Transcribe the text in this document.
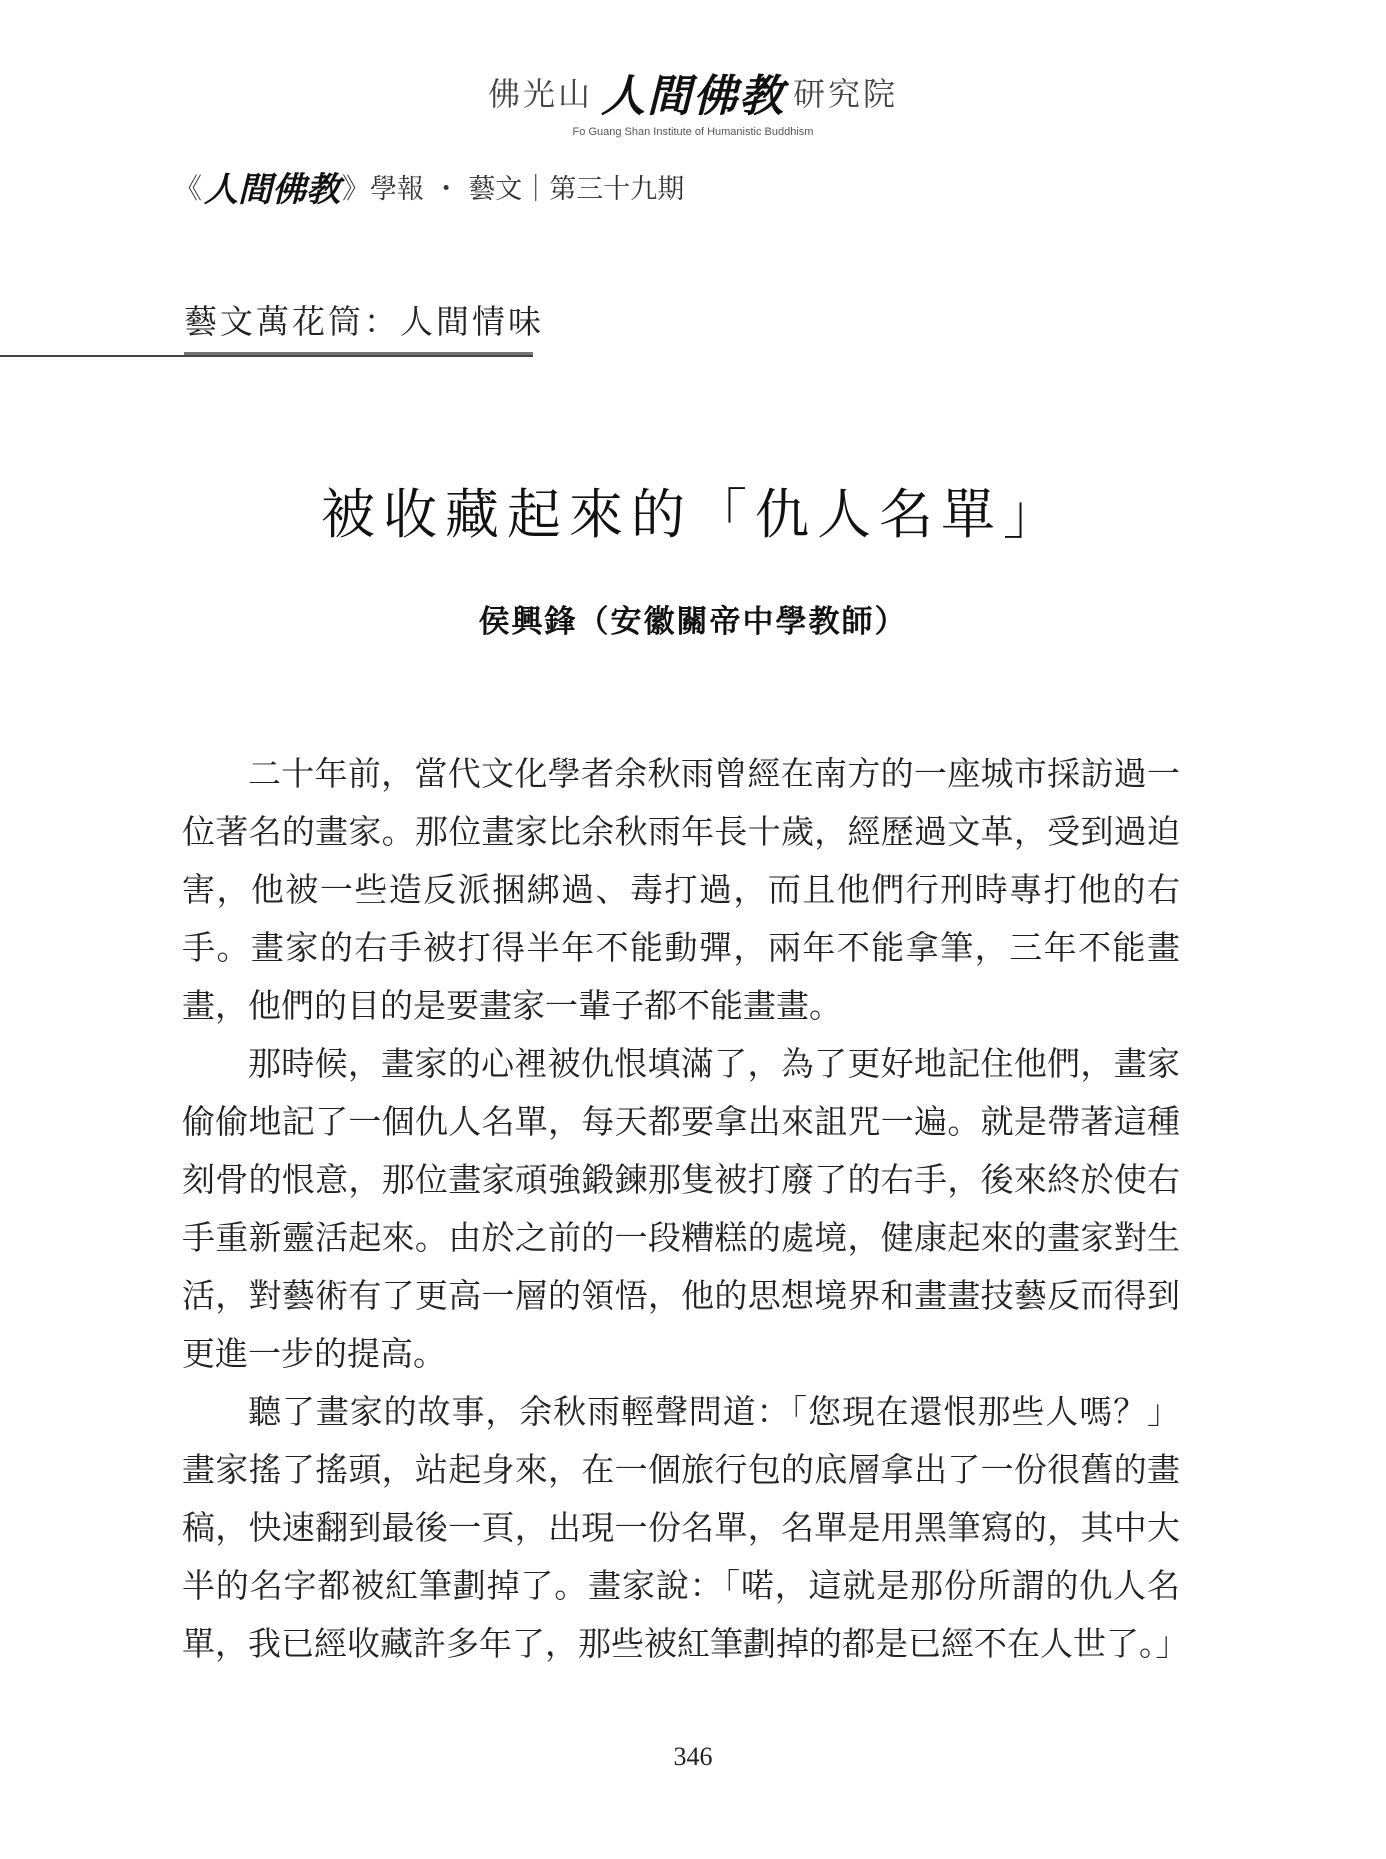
佛光山 人間佛教 研究院
Fo Guang Shan Institute of Humanistic Buddhism
《 人間佛教 》 學報 ・ 藝文｜第三十九期
藝文萬花筒：人間情味
被收藏起來的「仇人名單」
侯興鋒（安徽關帝中學教師）

二十年前，當代文化學者余秋雨曾經在南方的一座城市採訪過一位著名的畫家。那位畫家比余秋雨年長十歲，經歷過文革，受到過迫害，他被一些造反派捆綁過、毒打過，而且他們行刑時專打他的右手。畫家的右手被打得半年不能動彈，兩年不能拿筆，三年不能畫畫，他們的目的是要畫家一輩子都不能畫畫。

那時候，畫家的心裡被仇恨填滿了，為了更好地記住他們，畫家偷偷地記了一個仇人名單，每天都要拿出來詛咒一遍。就是帶著這種刻骨的恨意，那位畫家頑強鍛鍊那隻被打廢了的右手，後來終於使右手重新靈活起來。由於之前的一段糟糕的處境，健康起來的畫家對生活，對藝術有了更高一層的領悟，他的思想境界和畫畫技藝反而得到更進一步的提高。

聽了畫家的故事，余秋雨輕聲問道：「您現在還恨那些人嗎？」畫家搖了搖頭，站起身來，在一個旅行包的底層拿出了一份很舊的畫稿，快速翻到最後一頁，出現一份名單，名單是用黑筆寫的，其中大半的名字都被紅筆劃掉了。畫家說：「喏，這就是那份所謂的仇人名單，我已經收藏許多年了，那些被紅筆劃掉的都是已經不在人世了。」

346
